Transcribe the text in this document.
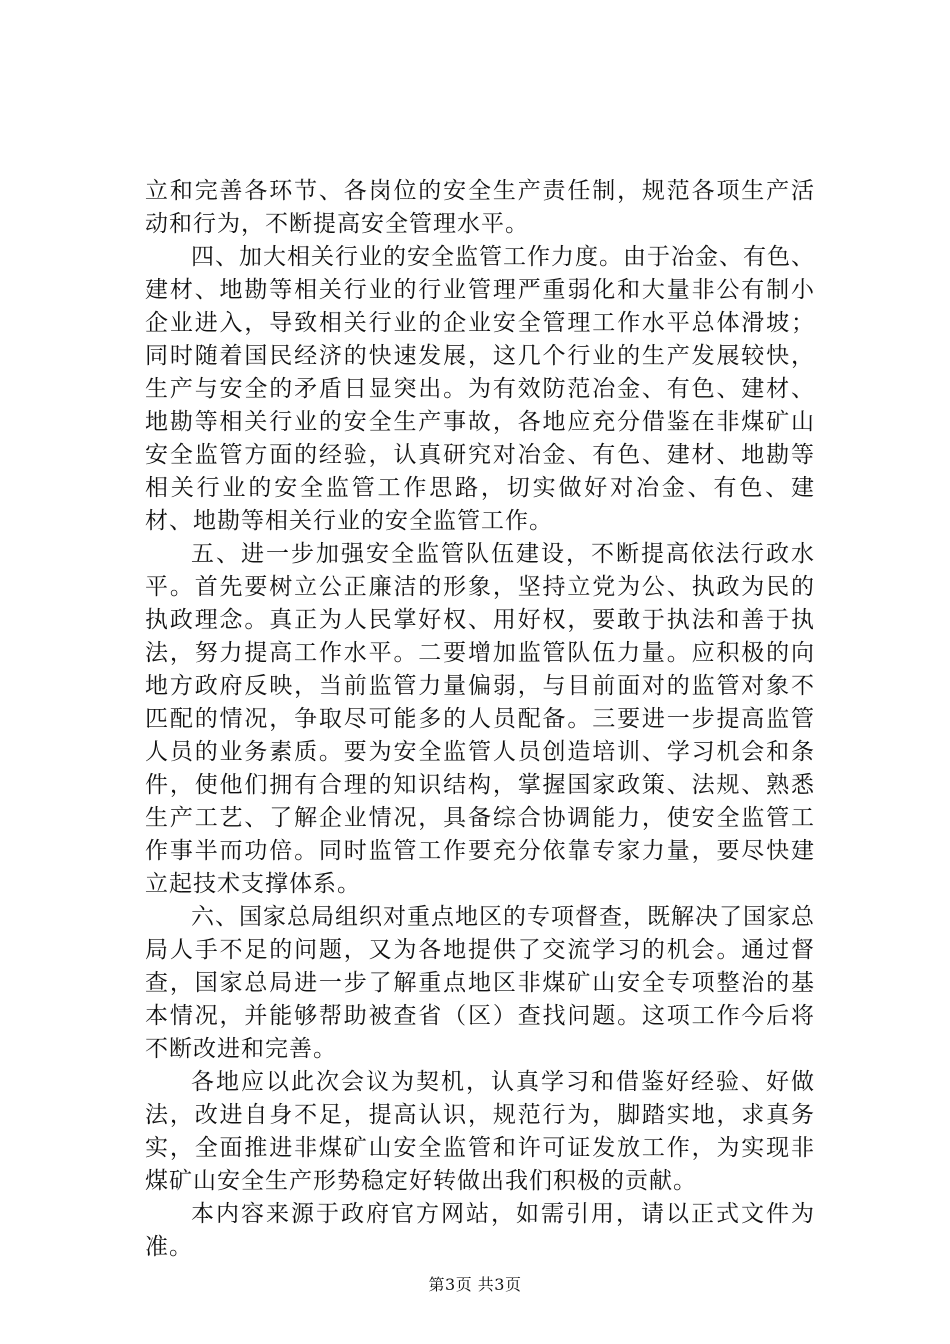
立和完善各环节、各岗位的安全生产责任制，规范各项生产活动和行为，不断提高安全管理水平。

四、加大相关行业的安全监管工作力度。由于冶金、有色、建材、地勘等相关行业的行业管理严重弱化和大量非公有制小企业进入，导致相关行业的企业安全管理工作水平总体滑坡；同时随着国民经济的快速发展，这几个行业的生产发展较快，生产与安全的矛盾日显突出。为有效防范冶金、有色、建材、地勘等相关行业的安全生产事故，各地应充分借鉴在非煤矿山安全监管方面的经验，认真研究对冶金、有色、建材、地勘等相关行业的安全监管工作思路，切实做好对冶金、有色、建材、地勘等相关行业的安全监管工作。

五、进一步加强安全监管队伍建设，不断提高依法行政水平。首先要树立公正廉洁的形象，坚持立党为公、执政为民的执政理念。真正为人民掌好权、用好权，要敢于执法和善于执法，努力提高工作水平。二要增加监管队伍力量。应积极的向地方政府反映，当前监管力量偏弱，与目前面对的监管对象不匹配的情况，争取尽可能多的人员配备。三要进一步提高监管人员的业务素质。要为安全监管人员创造培训、学习机会和条件，使他们拥有合理的知识结构，掌握国家政策、法规、熟悉生产工艺、了解企业情况，具备综合协调能力，使安全监管工作事半而功倍。同时监管工作要充分依靠专家力量，要尽快建立起技术支撑体系。

六、国家总局组织对重点地区的专项督查，既解决了国家总局人手不足的问题，又为各地提供了交流学习的机会。通过督查，国家总局进一步了解重点地区非煤矿山安全专项整治的基本情况，并能够帮助被查省（区）查找问题。这项工作今后将不断改进和完善。

各地应以此次会议为契机，认真学习和借鉴好经验、好做法，改进自身不足，提高认识，规范行为，脚踏实地，求真务实，全面推进非煤矿山安全监管和许可证发放工作，为实现非煤矿山安全生产形势稳定好转做出我们积极的贡献。

本内容来源于政府官方网站，如需引用，请以正式文件为准。

第3页 共3页
